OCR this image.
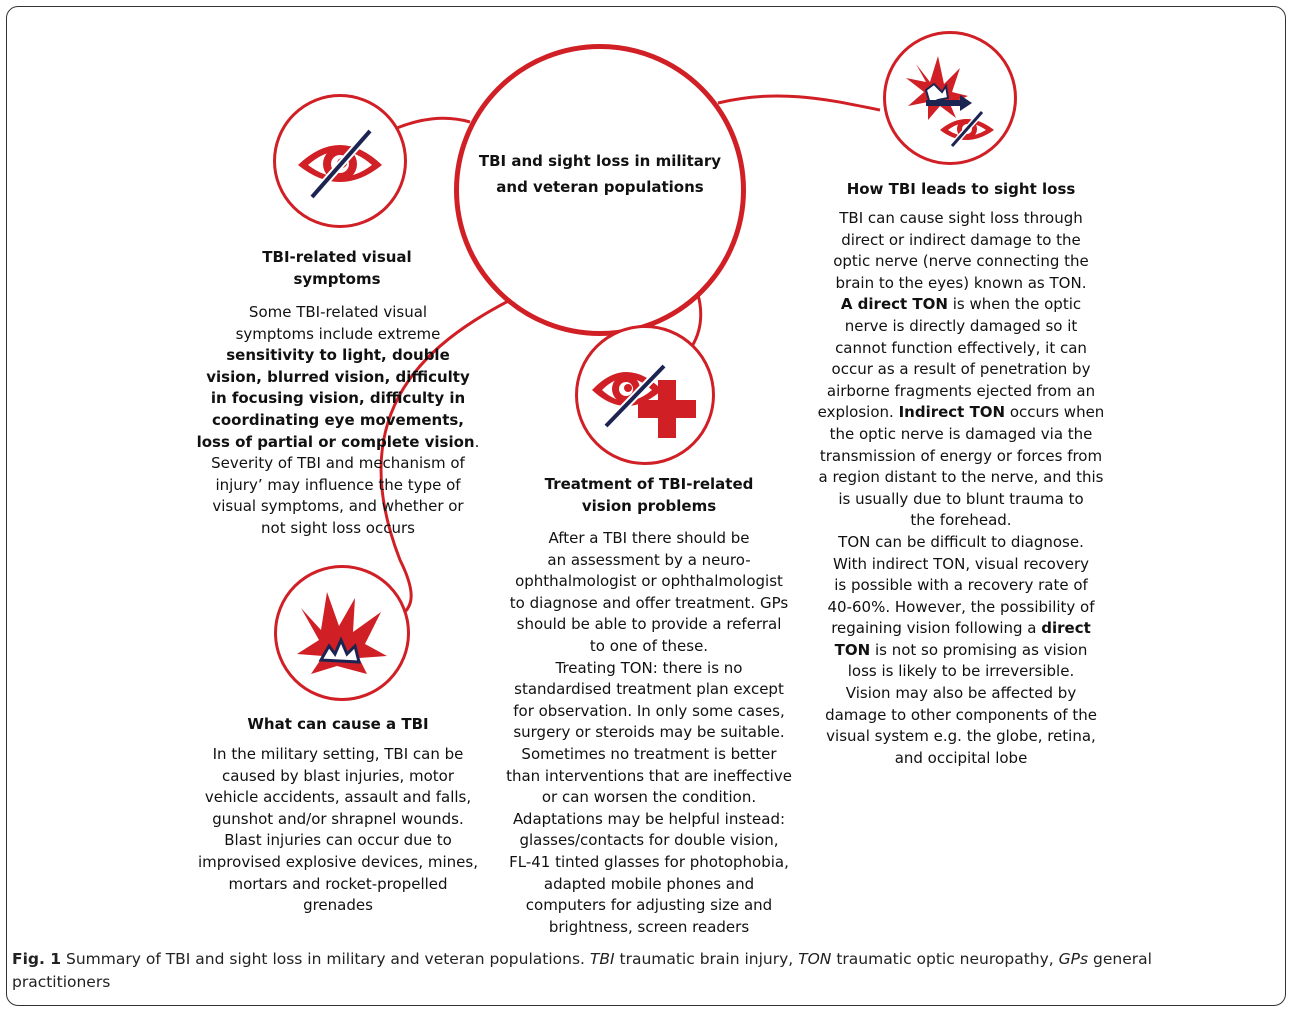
TBI and sight loss in military
and veteran populations
TBI-related visual
symptoms
Some TBI-related visual
symptoms include extreme
sensitivity to light, double
vision, blurred vision, difficulty
in focusing vision, difficulty in
coordinating eye movements,
loss of partial or complete vision.
Severity of TBI and mechanism of
injury’ may influence the type of
visual symptoms, and whether or
not sight loss occurs
What can cause a TBI
In the military setting, TBI can be
caused by blast injuries, motor
vehicle accidents, assault and falls,
gunshot and/or shrapnel wounds.
Blast injuries can occur due to
improvised explosive devices, mines,
mortars and rocket-propelled
grenades
Treatment of TBI-related
vision problems
After a TBI there should be
an assessment by a neuro-
ophthalmologist or ophthalmologist
to diagnose and offer treatment. GPs
should be able to provide a referral
to one of these.
Treating TON: there is no
standardised treatment plan except
for observation. In only some cases,
surgery or steroids may be suitable.
Sometimes no treatment is better
than interventions that are ineffective
or can worsen the condition.
Adaptations may be helpful instead:
glasses/contacts for double vision,
FL-41 tinted glasses for photophobia,
adapted mobile phones and
computers for adjusting size and
brightness, screen readers
How TBI leads to sight loss
TBI can cause sight loss through
direct or indirect damage to the
optic nerve (nerve connecting the
brain to the eyes) known as TON.
A direct TON is when the optic
nerve is directly damaged so it
cannot function effectively, it can
occur as a result of penetration by
airborne fragments ejected from an
explosion. Indirect TON occurs when
the optic nerve is damaged via the
transmission of energy or forces from
a region distant to the nerve, and this
is usually due to blunt trauma to
the forehead.
TON can be difficult to diagnose.
With indirect TON, visual recovery
is possible with a recovery rate of
40-60%. However, the possibility of
regaining vision following a direct
TON is not so promising as vision
loss is likely to be irreversible.
Vision may also be affected by
damage to other components of the
visual system e.g. the globe, retina,
and occipital lobe
Fig. 1 Summary of TBI and sight loss in military and veteran populations. TBI traumatic brain injury, TON traumatic optic neuropathy, GPs general
practitioners
